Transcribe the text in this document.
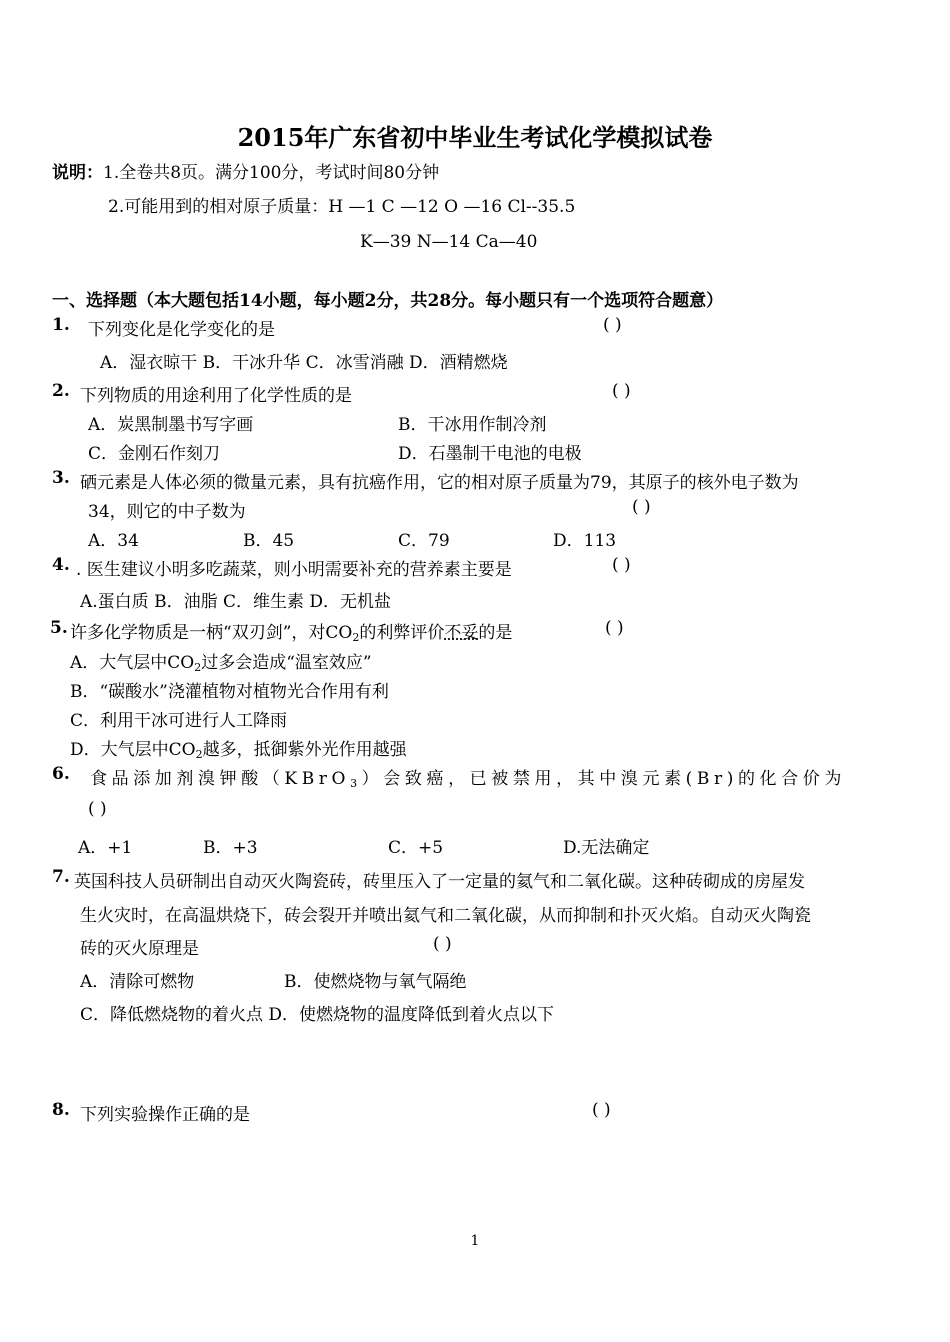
2015年广东省初中毕业生考试化学模拟试卷
说明：1.全卷共8页。满分100分，考试时间80分钟
2.可能用到的相对原子质量：H —1 C —12 O —16 Cl--35.5
K—39 N—14 Ca—40
一、选择题（本大题包括14小题，每小题2分，共28分。每小题只有一个选项符合题意）
1. 下列变化是化学变化的是	( )
A．湿衣晾干 B．干冰升华 C．冰雪消融 D．酒精燃烧
2. 下列物质的用途利用了化学性质的是	( )
A．炭黑制墨书写字画	B．干冰用作制冷剂
C．金刚石作刻刀	D．石墨制干电池的电极
3. 硒元素是人体必须的微量元素，具有抗癌作用，它的相对原子质量为79，其原子的核外电子数为
34，则它的中子数为	( )
A．34	B．45	C．79	D．113
4. . 医生建议小明多吃蔬菜，则小明需要补充的营养素主要是	( )
A.蛋白质 B．油脂 C．维生素 D．无机盐
5. 许多化学物质是一柄“双刃剑”，对$CO_2$的利弊评价不妥的是	( )
A．大气层中$CO_2$过多会造成“温室效应”
B．“碳酸水”浇灌植物对植物光合作用有利
C．利用干冰可进行人工降雨
D．大气层中$CO_2$越多，抵御紫外光作用越强
6. 食品添加剂溴钾酸（KBrO$_3$）会致癌，已被禁用，其中溴元素(Br)的化合价为
( )
A．+1	B．+3	C．+5	D.无法确定
7. 英国科技人员研制出自动灭火陶瓷砖，砖里压入了一定量的氦气和二氧化碳。这种砖砌成的房屋发
生火灾时，在高温烘烧下，砖会裂开并喷出氦气和二氧化碳，从而抑制和扑灭火焰。自动灭火陶瓷
砖的灭火原理是	( )
A．清除可燃物	B．使燃烧物与氧气隔绝
C．降低燃烧物的着火点 D．使燃烧物的温度降低到着火点以下
8. 下列实验操作正确的是	( )
1
